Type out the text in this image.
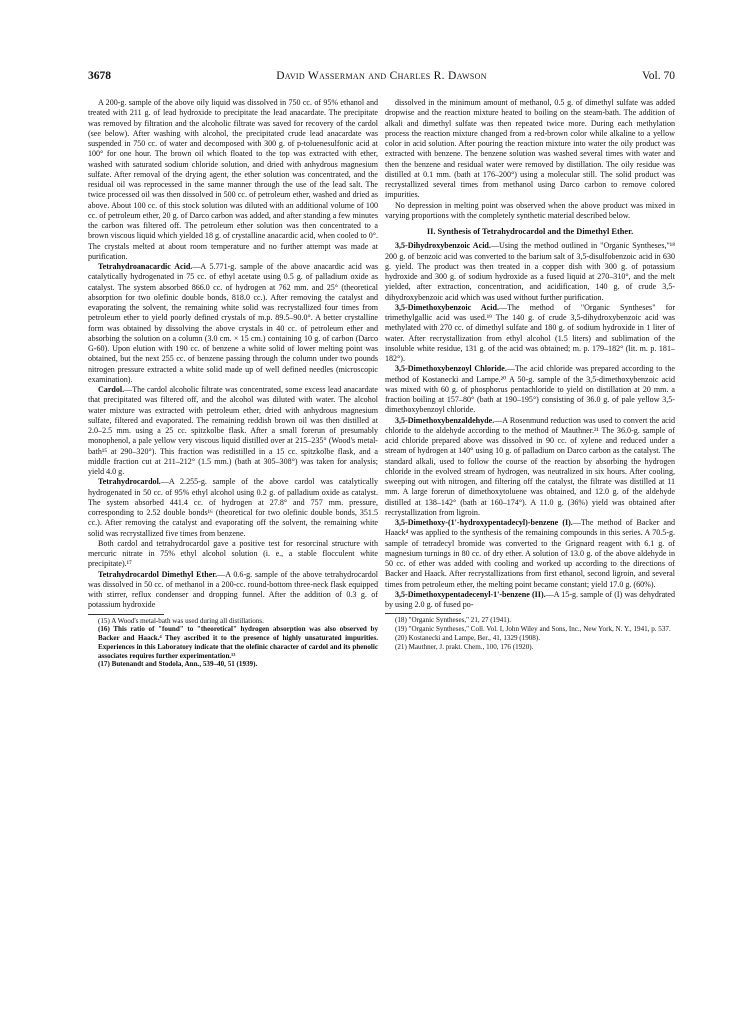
3678	David Wasserman and Charles R. Dawson	Vol. 70

A 200-g. sample of the above oily liquid was dissolved in 750 cc. of 95% ethanol and treated with 211 g. of lead hydroxide to precipitate the lead anacardate. The precipitate was removed by filtration and the alcoholic filtrate was saved for recovery of the cardol (see below). After washing with alcohol, the precipitated crude lead anacardate was suspended in 750 cc. of water and decomposed with 300 g. of p-toluenesulfonic acid at 100° for one hour. The brown oil which floated to the top was extracted with ether, washed with saturated sodium chloride solution, and dried with anhydrous magnesium sulfate. After removal of the drying agent, the ether solution was concentrated, and the residual oil was reprocessed in the same manner through the use of the lead salt. The twice processed oil was then dissolved in 500 cc. of petroleum ether, washed and dried as above. About 100 cc. of this stock solution was diluted with an additional volume of 100 cc. of petroleum ether, 20 g. of Darco carbon was added, and after standing a few minutes the carbon was filtered off. The petroleum ether solution was then concentrated to a brown viscous liquid which yielded 18 g. of crystalline anacardic acid, when cooled to 0°. The crystals melted at about room temperature and no further attempt was made at purification.

Tetrahydroanacardic Acid.—A 5.771-g. sample of the above anacardic acid was catalytically hydrogenated in 75 cc. of ethyl acetate using 0.5 g. of palladium oxide as catalyst. The system absorbed 866.0 cc. of hydrogen at 762 mm. and 25° (theoretical absorption for two olefinic double bonds, 818.0 cc.). After removing the catalyst and evaporating the solvent, the remaining white solid was recrystallized four times from petroleum ether to yield poorly defined crystals of m.p. 89.5–90.0°. A better crystalline form was obtained by dissolving the above crystals in 40 cc. of petroleum ether and absorbing the solution on a column (3.0 cm. × 15 cm.) containing 10 g. of carbon (Darco G-60). Upon elution with 190 cc. of benzene a white solid of lower melting point was obtained, but the next 255 cc. of benzene passing through the column under two pounds nitrogen pressure extracted a white solid made up of well defined needles (microscopic examination).

Cardol.—The cardol alcoholic filtrate was concentrated, some excess lead anacardate that precipitated was filtered off, and the alcohol was diluted with water. The alcohol water mixture was extracted with petroleum ether, dried with anhydrous magnesium sulfate, filtered and evaporated. The remaining reddish brown oil was then distilled at 2.0–2.5 mm. using a 25 cc. spitzkolbe flask. After a small forerun of presumably monophenol, a pale yellow very viscous liquid distilled over at 215–235° (Wood's metal-bath¹⁵ at 290–320°). This fraction was redistilled in a 15 cc. spitzkolbe flask, and a middle fraction cut at 211–212° (1.5 mm.) (bath at 305–308°) was taken for analysis; yield 4.0 g.

Tetrahydrocardol.—A 2.255-g. sample of the above cardol was catalytically hydrogenated in 50 cc. of 95% ethyl alcohol using 0.2 g. of palladium oxide as catalyst. The system absorbed 441.4 cc. of hydrogen at 27.8° and 757 mm. pressure, corresponding to 2.52 double bonds¹⁶ (theoretical for two olefinic double bonds, 351.5 cc.). After removing the catalyst and evaporating off the solvent, the remaining white solid was recrystallized five times from benzene.

Both cardol and tetrahydrocardol gave a positive test for resorcinal structure with mercuric nitrate in 75% ethyl alcohol solution (i. e., a stable flocculent white precipitate).¹⁷

Tetrahydrocardol Dimethyl Ether.—A 0.6-g. sample of the above tetrahydrocardol was dissolved in 50 cc. of methanol in a 200-cc. round-bottom three-neck flask equipped with stirrer, reflux condenser and dropping funnel. After the addition of 0.3 g. of potassium hydroxide

(15) A Wood's metal-bath was used during all distillations.

(16) This ratio of "found" to "theoretical" hydrogen absorption was also observed by Backer and Haack.⁴ They ascribed it to the presence of highly unsaturated impurities. Experiences in this Laboratory indicate that the olefinic character of cardol and its phenolic associates requires further experimentation.¹³

(17) Butenandt and Stodola, Ann., 539–40, 51 (1939).

dissolved in the minimum amount of methanol, 0.5 g. of dimethyl sulfate was added dropwise and the reaction mixture heated to boiling on the steam-bath. The addition of alkali and dimethyl sulfate was then repeated twice more. During each methylation process the reaction mixture changed from a red-brown color while alkaline to a yellow color in acid solution. After pouring the reaction mixture into water the oily product was extracted with benzene. The benzene solution was washed several times with water and then the benzene and residual water were removed by distillation. The oily residue was distilled at 0.1 mm. (bath at 176–200°) using a molecular still. The solid product was recrystallized several times from methanol using Darco carbon to remove colored impurities.

No depression in melting point was observed when the above product was mixed in varying proportions with the completely synthetic material described below.

II. Synthesis of Tetrahydrocardol and the Dimethyl Ether.

3,5-Dihydroxybenzoic Acid.—Using the method outlined in "Organic Syntheses,"¹⁸ 200 g. of benzoic acid was converted to the barium salt of 3,5-disulfobenzoic acid in 630 g. yield. The product was then treated in a copper dish with 300 g. of potassium hydroxide and 300 g. of sodium hydroxide as a fused liquid at 270–310°, and the melt yielded, after extraction, concentration, and acidification, 140 g. of crude 3,5-dihydroxybenzoic acid which was used without further purification.

3,5-Dimethoxybenzoic Acid.—The method of "Organic Syntheses" for trimethylgallic acid was used.¹⁹ The 140 g. of crude 3,5-dihydroxybenzoic acid was methylated with 270 cc. of dimethyl sulfate and 180 g. of sodium hydroxide in 1 liter of water. After recrystallization from ethyl alcohol (1.5 liters) and sublimation of the insoluble white residue, 131 g. of the acid was obtained; m. p. 179–182° (lit. m. p. 181–182°).

3,5-Dimethoxybenzoyl Chloride.—The acid chloride was prepared according to the method of Kostanecki and Lampe.²⁰ A 50-g. sample of the 3,5-dimethoxybenzoic acid was mixed with 60 g. of phosphorus pentachloride to yield on distillation at 20 mm. a fraction boiling at 157–80° (bath at 190–195°) consisting of 36.0 g. of pale yellow 3,5-dimethoxybenzoyl chloride.

3,5-Dimethoxybenzaldehyde.—A Rosenmund reduction was used to convert the acid chloride to the aldehyde according to the method of Mauthner.²¹ The 36.0-g. sample of acid chloride prepared above was dissolved in 90 cc. of xylene and reduced under a stream of hydrogen at 140° using 10 g. of palladium on Darco carbon as the catalyst. The standard alkali, used to follow the course of the reaction by absorbing the hydrogen chloride in the evolved stream of hydrogen, was neutralized in six hours. After cooling, sweeping out with nitrogen, and filtering off the catalyst, the filtrate was distilled at 11 mm. A large forerun of dimethoxytoluene was obtained, and 12.0 g. of the aldehyde distilled at 138–142° (bath at 160–174°). A 11.0 g. (36%) yield was obtained after recrystallization from ligroin.

3,5-Dimethoxy-(1'-hydroxypentadecyl)-benzene (I).—The method of Backer and Haack⁴ was applied to the synthesis of the remaining compounds in this series. A 70.5-g. sample of tetradecyl bromide was converted to the Grignard reagent with 6.1 g. of magnesium turnings in 80 cc. of dry ether. A solution of 13.0 g. of the above aldehyde in 50 cc. of ether was added with cooling and worked up according to the directions of Backer and Haack. After recrystallizations from first ethanol, second ligroin, and several times from petroleum ether, the melting point became constant; yield 17.0 g. (60%).

3,5-Dimethoxypentadecenyl-1'-benzene (II).—A 15-g. sample of (I) was dehydrated by using 2.0 g. of fused po-

(18) "Organic Syntheses," 21, 27 (1941).

(19) "Organic Syntheses," Coll. Vol. I, John Wiley and Sons, Inc., New York, N. Y., 1941, p. 537.

(20) Kostanecki and Lampe, Ber., 41, 1329 (1908).

(21) Mauthner, J. prakt. Chem., 100, 176 (1920).
